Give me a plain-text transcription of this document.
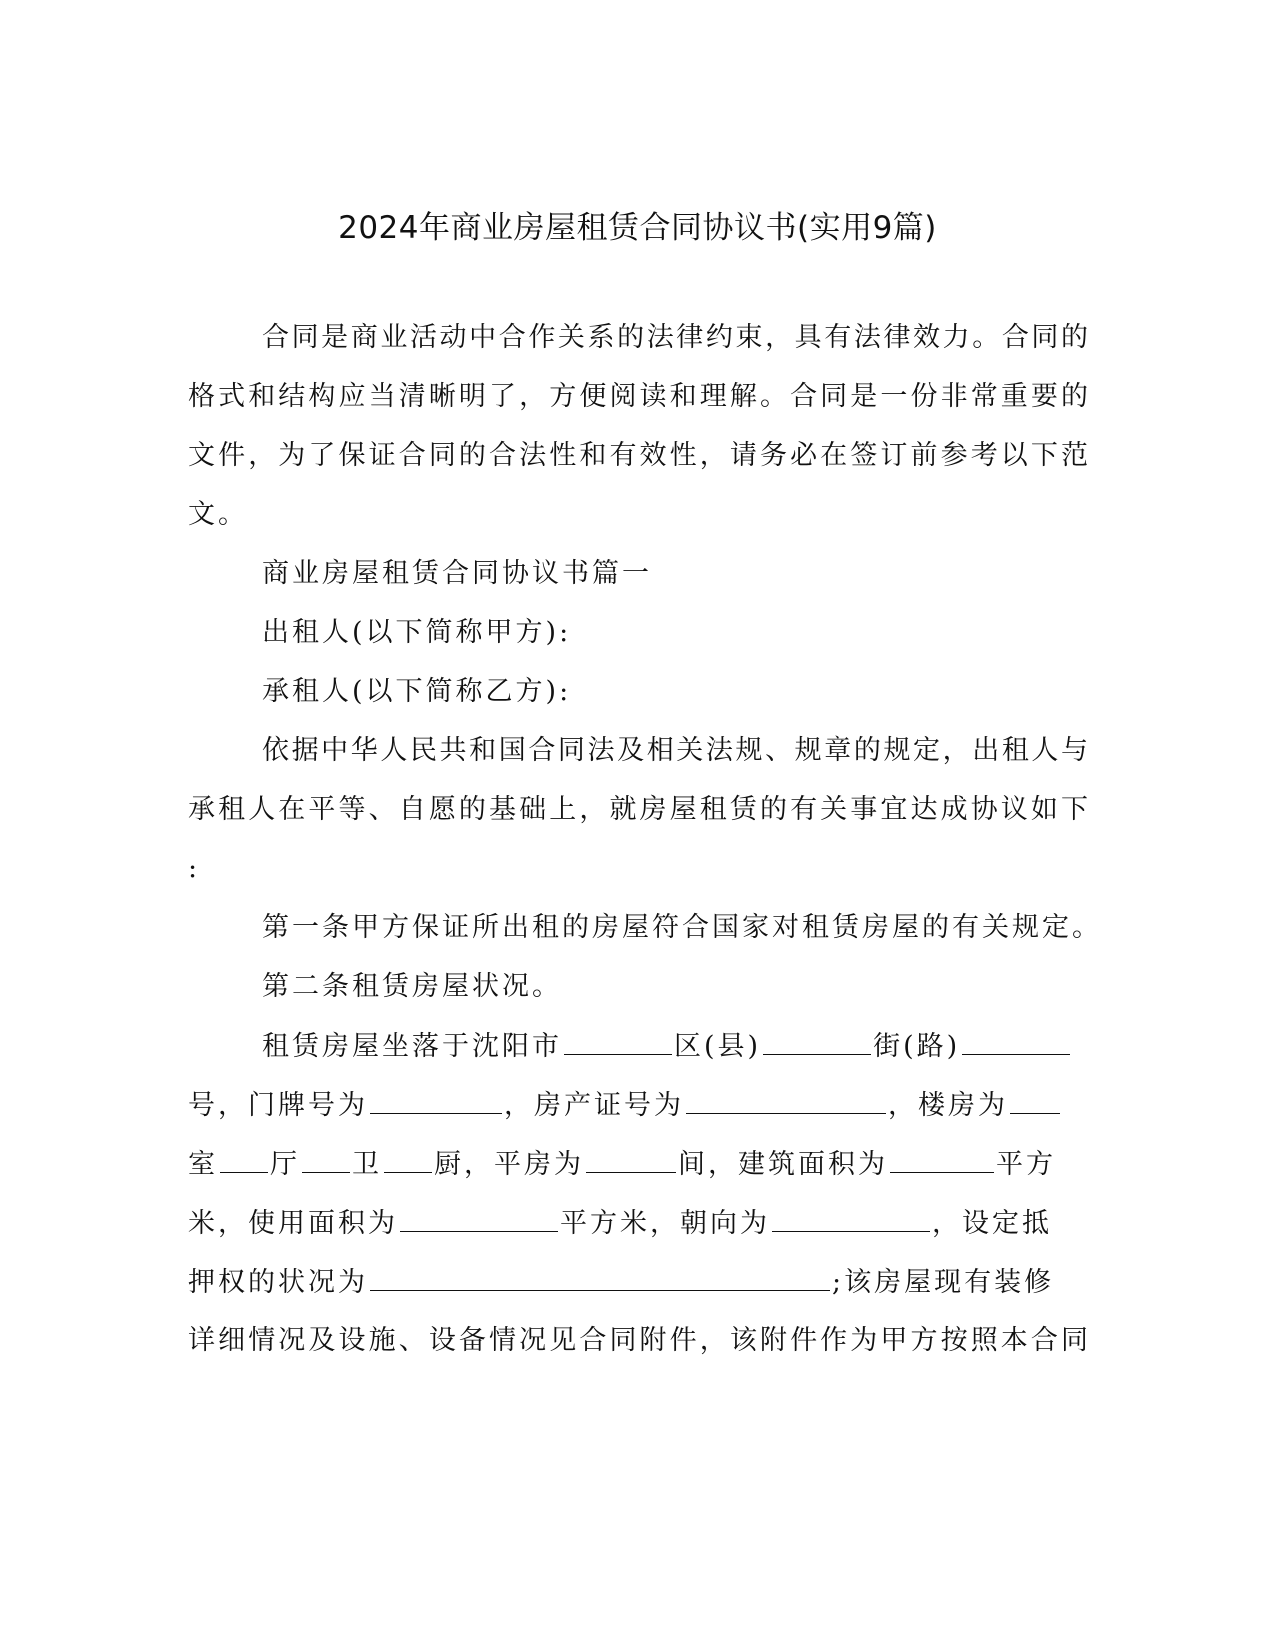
2024年商业房屋租赁合同协议书(实用9篇)
合同是商业活动中合作关系的法律约束，具有法律效力。合同的
格式和结构应当清晰明了，方便阅读和理解。合同是一份非常重要的
文件，为了保证合同的合法性和有效性，请务必在签订前参考以下范
文。
商业房屋租赁合同协议书篇一
出租人(以下简称甲方):
承租人(以下简称乙方):
依据中华人民共和国合同法及相关法规、规章的规定，出租人与
承租人在平等、自愿的基础上，就房屋租赁的有关事宜达成协议如下
:
第一条甲方保证所出租的房屋符合国家对租赁房屋的有关规定。
第二条租赁房屋状况。
租赁房屋坐落于沈阳市	区(县)	街(路)
号，门牌号为	，房产证号为	，楼房为
室 厅 卫 厨，平房为	间，建筑面积为	平方
米，使用面积为	平方米，朝向为	，设定抵
押权的状况为	;该房屋现有装修
详细情况及设施、设备情况见合同附件，该附件作为甲方按照本合同
